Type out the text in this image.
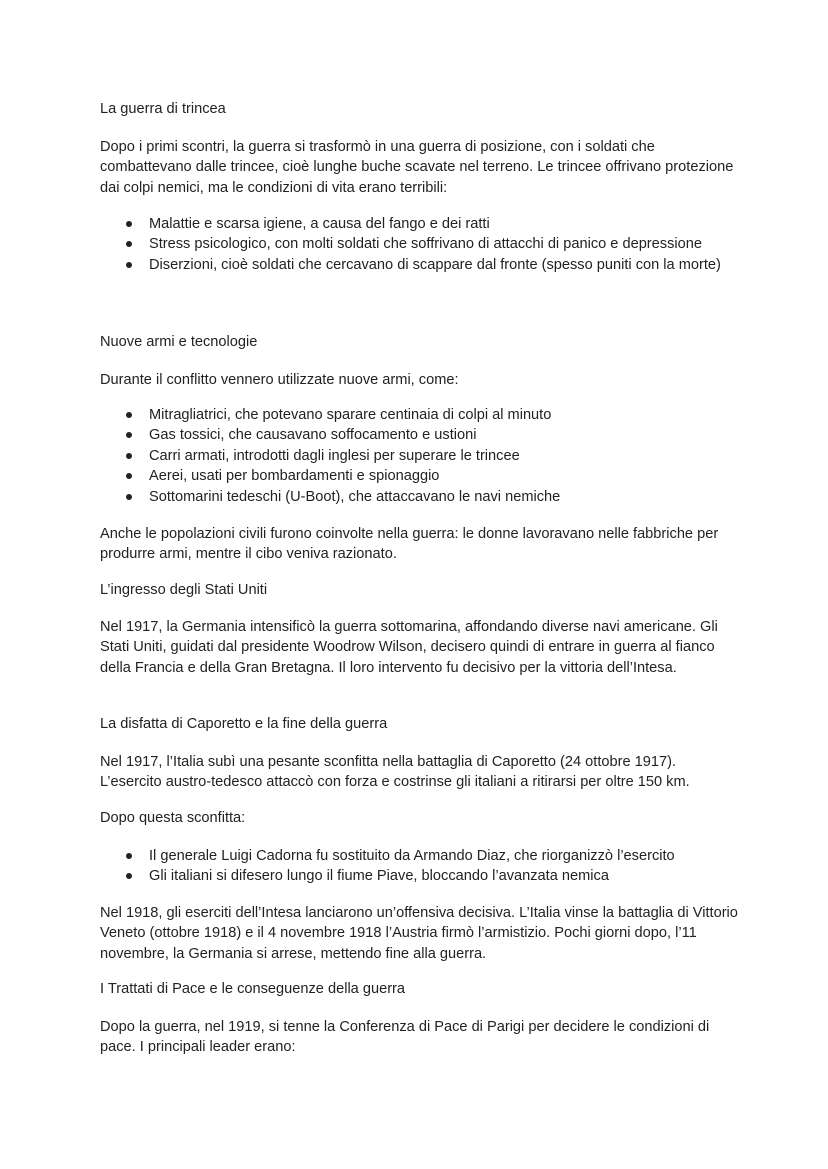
La guerra di trincea

Dopo i primi scontri, la guerra si trasformò in una guerra di posizione, con i soldati che combattevano dalle trincee, cioè lunghe buche scavate nel terreno. Le trincee offrivano protezione dai colpi nemici, ma le condizioni di vita erano terribili:

Malattie e scarsa igiene, a causa del fango e dei ratti
Stress psicologico, con molti soldati che soffrivano di attacchi di panico e depressione
Diserzioni, cioè soldati che cercavano di scappare dal fronte (spesso puniti con la morte)

Nuove armi e tecnologie

Durante il conflitto vennero utilizzate nuove armi, come:

Mitragliatrici, che potevano sparare centinaia di colpi al minuto
Gas tossici, che causavano soffocamento e ustioni
Carri armati, introdotti dagli inglesi per superare le trincee
Aerei, usati per bombardamenti e spionaggio
Sottomarini tedeschi (U-Boot), che attaccavano le navi nemiche

Anche le popolazioni civili furono coinvolte nella guerra: le donne lavoravano nelle fabbriche per produrre armi, mentre il cibo veniva razionato.

L’ingresso degli Stati Uniti

Nel 1917, la Germania intensificò la guerra sottomarina, affondando diverse navi americane. Gli Stati Uniti, guidati dal presidente Woodrow Wilson, decisero quindi di entrare in guerra al fianco della Francia e della Gran Bretagna. Il loro intervento fu decisivo per la vittoria dell’Intesa.

La disfatta di Caporetto e la fine della guerra

Nel 1917, l’Italia subì una pesante sconfitta nella battaglia di Caporetto (24 ottobre 1917). L’esercito austro-tedesco attaccò con forza e costrinse gli italiani a ritirarsi per oltre 150 km.

Dopo questa sconfitta:

Il generale Luigi Cadorna fu sostituito da Armando Diaz, che riorganizzò l’esercito
Gli italiani si difesero lungo il fiume Piave, bloccando l’avanzata nemica

Nel 1918, gli eserciti dell’Intesa lanciarono un’offensiva decisiva. L’Italia vinse la battaglia di Vittorio Veneto (ottobre 1918) e il 4 novembre 1918 l’Austria firmò l’armistizio. Pochi giorni dopo, l’11 novembre, la Germania si arrese, mettendo fine alla guerra.

I Trattati di Pace e le conseguenze della guerra

Dopo la guerra, nel 1919, si tenne la Conferenza di Pace di Parigi per decidere le condizioni di pace. I principali leader erano:
